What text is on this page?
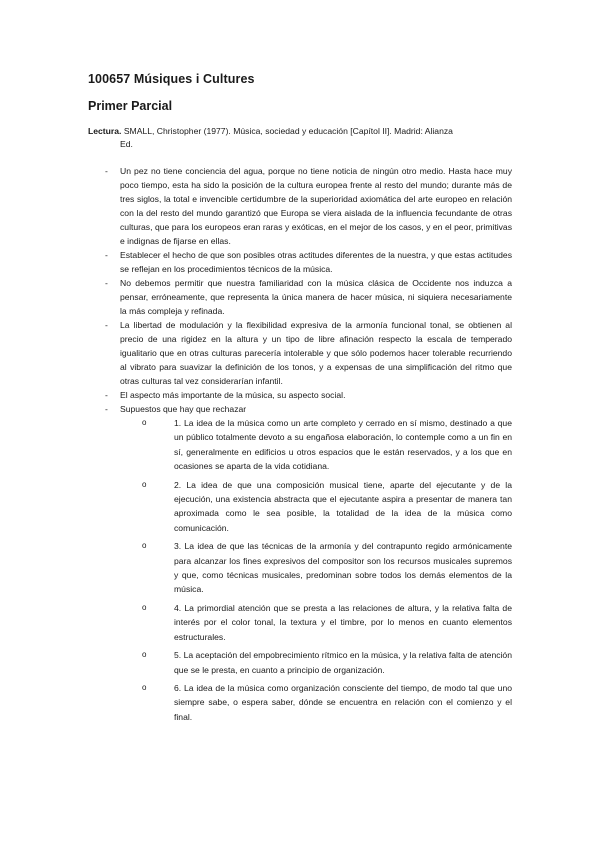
100657 Músiques i Cultures
Primer Parcial
Lectura. SMALL, Christopher (1977). Música, sociedad y educación [Capítol II]. Madrid: Alianza
Ed.
- Un pez no tiene conciencia del agua, porque no tiene noticia de ningún otro medio. Hasta hace muy poco tiempo, esta ha sido la posición de la cultura europea frente al resto del mundo; durante más de tres siglos, la total e invencible certidumbre de la superioridad axiomática del arte europeo en relación con la del resto del mundo garantizó que Europa se viera aislada de la influencia fecundante de otras culturas, que para los europeos eran raras y exóticas, en el mejor de los casos, y en el peor, primitivas e indignas de fijarse en ellas.
- Establecer el hecho de que son posibles otras actitudes diferentes de la nuestra, y que estas actitudes se reflejan en los procedimientos técnicos de la música.
- No debemos permitir que nuestra familiaridad con la música clásica de Occidente nos induzca a pensar, erróneamente, que representa la única manera de hacer música, ni siquiera necesariamente la más compleja y refinada.
- La libertad de modulación y la flexibilidad expresiva de la armonía funcional tonal, se obtienen al precio de una rigidez en la altura y un tipo de libre afinación respecto la escala de temperado igualitario que en otras culturas parecería intolerable y que sólo podemos hacer tolerable recurriendo al vibrato para suavizar la definición de los tonos, y a expensas de una simplificación del ritmo que otras culturas tal vez considerarían infantil.
- El aspecto más importante de la música, su aspecto social.
- Supuestos que hay que rechazar
o	1. La idea de la música como un arte completo y cerrado en sí mismo, destinado a que un público totalmente devoto a su engañosa elaboración, lo contemple como a un fin en sí, generalmente en edificios u otros espacios que le están reservados, y a los que en ocasiones se aparta de la vida cotidiana.
o	2. La idea de que una composición musical tiene, aparte del ejecutante y de la ejecución, una existencia abstracta que el ejecutante aspira a presentar de manera tan aproximada como le sea posible, la totalidad de la idea de la música como comunicación.
o	3. La idea de que las técnicas de la armonía y del contrapunto regido armónicamente para alcanzar los fines expresivos del compositor son los recursos musicales supremos y que, como técnicas musicales, predominan sobre todos los demás elementos de la música.
o	4. La primordial atención que se presta a las relaciones de altura, y la relativa falta de interés por el color tonal, la textura y el timbre, por lo menos en cuanto elementos estructurales.
o	5. La aceptación del empobrecimiento rítmico en la música, y la relativa falta de atención que se le presta, en cuanto a principio de organización.
o	6. La idea de la música como organización consciente del tiempo, de modo tal que uno siempre sabe, o espera saber, dónde se encuentra en relación con el comienzo y el final.
